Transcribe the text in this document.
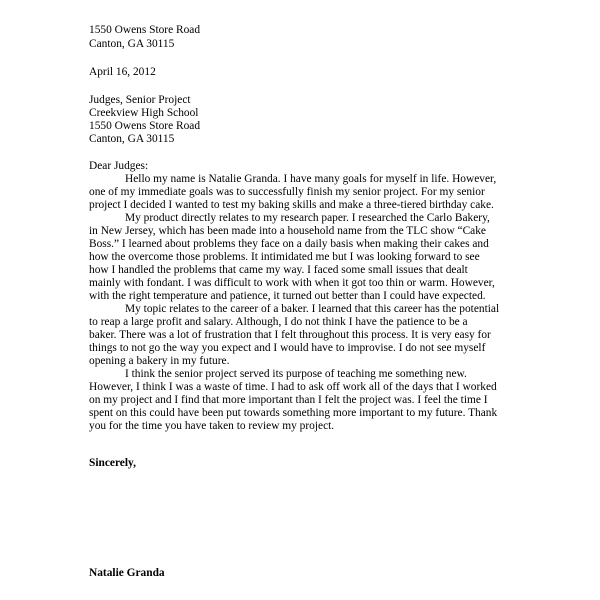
1550 Owens Store Road
Canton, GA 30115
April 16, 2012
Judges, Senior Project
Creekview High School
1550 Owens Store Road
Canton, GA 30115
Dear Judges:
Hello my name is Natalie Granda. I have many goals for myself in life. However,
one of my immediate goals was to successfully finish my senior project. For my senior
project I decided I wanted to test my baking skills and make a three-tiered birthday cake.
My product directly relates to my research paper. I researched the Carlo Bakery,
in New Jersey, which has been made into a household name from the TLC show “Cake
Boss.” I learned about problems they face on a daily basis when making their cakes and
how the overcome those problems. It intimidated me but I was looking forward to see
how I handled the problems that came my way. I faced some small issues that dealt
mainly with fondant. I was difficult to work with when it got too thin or warm. However,
with the right temperature and patience, it turned out better than I could have expected.
My topic relates to the career of a baker. I learned that this career has the potential
to reap a large profit and salary. Although, I do not think I have the patience to be a
baker. There was a lot of frustration that I felt throughout this process. It is very easy for
things to not go the way you expect and I would have to improvise. I do not see myself
opening a bakery in my future.
I think the senior project served its purpose of teaching me something new.
However, I think I was a waste of time. I had to ask off work all of the days that I worked
on my project and I find that more important than I felt the project was. I feel the time I
spent on this could have been put towards something more important to my future. Thank
you for the time you have taken to review my project.
Sincerely,
Natalie Granda
